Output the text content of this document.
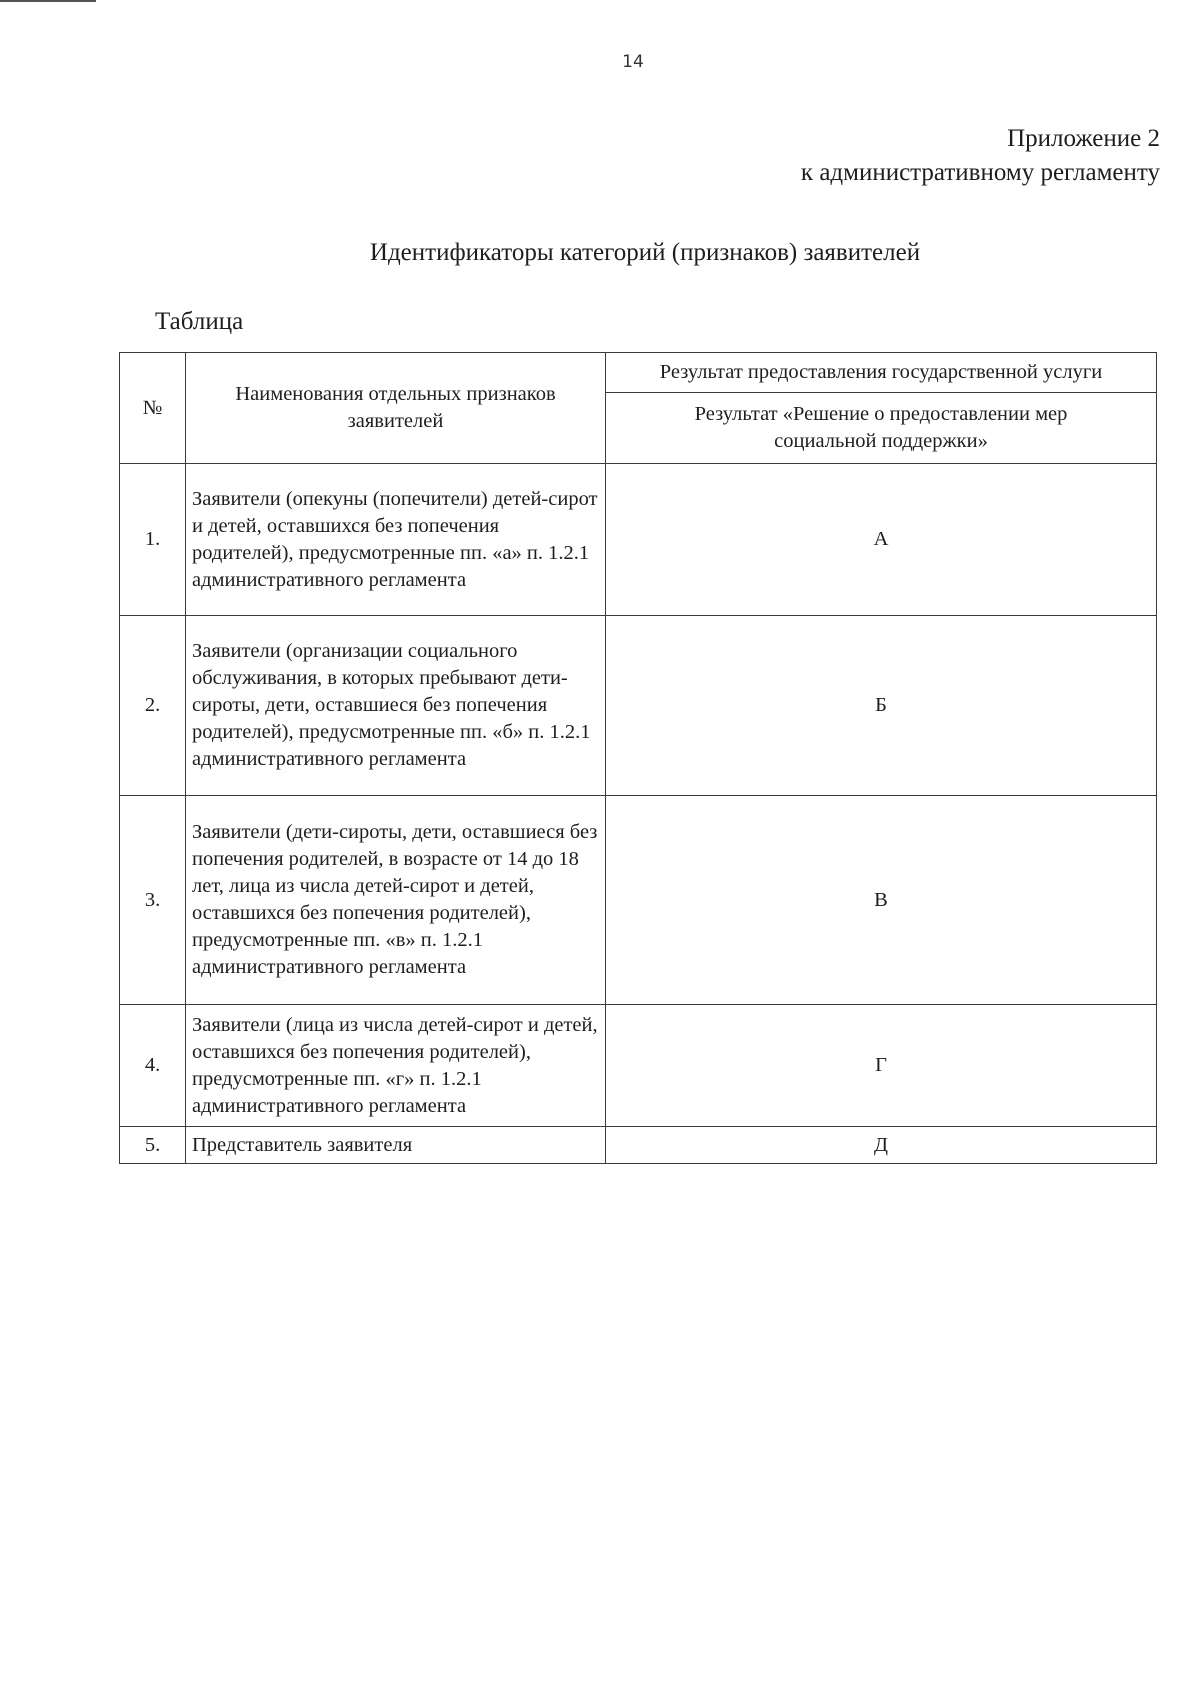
14
Приложение 2
к административному регламенту
Идентификаторы категорий (признаков) заявителей
Таблица
№	Наименования отдельных признаков заявителей	Результат предоставления государственной услуги
		Результат «Решение о предоставлении мер социальной поддержки»
1.	Заявители (опекуны (попечители) детей-сирот и детей, оставшихся без попечения родителей), предусмотренные пп. «а» п. 1.2.1 административного регламента	А
2.	Заявители (организации социального обслуживания, в которых пребывают дети-сироты, дети, оставшиеся без попечения родителей), предусмотренные пп. «б» п. 1.2.1 административного регламента	Б
3.	Заявители (дети-сироты, дети, оставшиеся без попечения родителей, в возрасте от 14 до 18 лет, лица из числа детей-сирот и детей, оставшихся без попечения родителей), предусмотренные пп. «в» п. 1.2.1 административного регламента	В
4.	Заявители (лица из числа детей-сирот и детей, оставшихся без попечения родителей), предусмотренные пп. «г» п. 1.2.1 административного регламента	Г
5.	Представитель заявителя	Д
